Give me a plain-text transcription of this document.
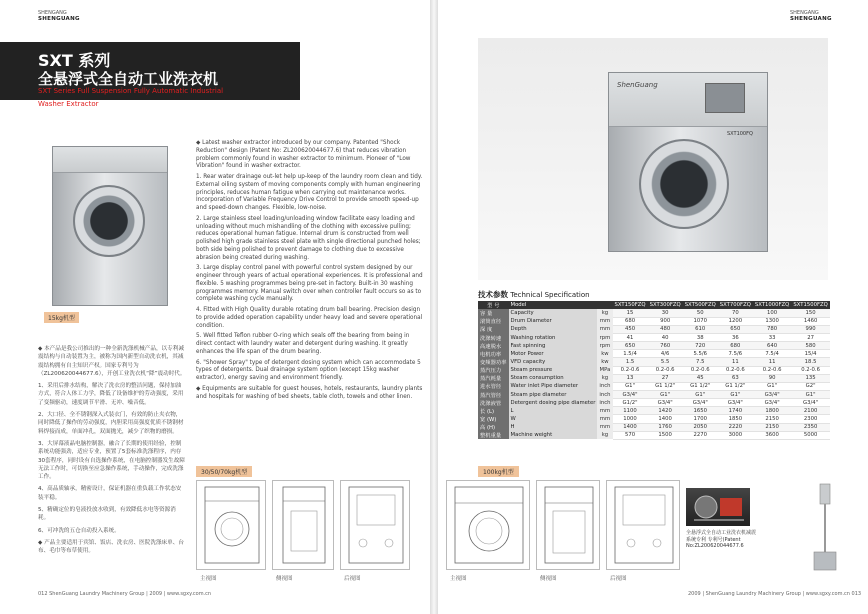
SHENGANG
SHENGUANG
SXT 系列
全悬浮式全自动工业洗衣机
SXT Series Full Suspension Fully Automatic Industrial
Washer Extractor
15kg机型

◆ 本产品是我公司推出的一种全新洗涤机械产品，以专利减震结构与自动装置为主，被称为国内新型自动洗衣机，其减震结构拥有自主知识产权。国家专利号为（ZL200620044677.6），开创工业洗衣机“降”震动时代。

1、采用后排水结构，解决了洗衣房的整洁问题，保持加油方式，符合人体工力学，降低了设备维护的劳动强度，采用了变频驱动，速度调节平滑、无冲、噪音低。

2、大口径、全不锈钢深入式装衣门，有效的防止夹衣物，同时降低了操作的劳动强度，内胆采用高强度优质不锈钢材料焊接而成，单面冲孔，双面抛光，减少了织物的磨损。

3、大屏幕液晶电脑控制器，融合了长期的使用经验，控制系统功能强劲，适应专业，预置了5套标准洗涤程序，内存30套程序，同时设有自选操作系统，在电脑控制器发生故障无法工作时，可切换至应急操作系统，手动操作，完成洗涤工作。

4、高品质轴承，精密设计，保证机器在重负载工作状态安装平稳。

5、精确定位的皂液投放水收到，有效降低水电等资源消耗。

6、可冲洗的五仓自动投入系统。

◆ 产品主要适用于宾馆、饭店、洗衣房、医院洗涤床单、台布、毛巾等布草使用。

◆ Latest washer extractor introduced by our company. Patented "Shock Reduction" design (Patent No: ZL200620044677.6) that reduces vibration problem commonly found in washer extractor to minimum. Pioneer of "Low Vibration" found in washer extractor.

1. Rear water drainage out-let help up-keep of the laundry room clean and tidy. External oiling system of moving components comply with human engineering principles, reduces human fatigue when carrying out maintenance works. Incorporation of Variable Frequency Drive Control to provide smooth speed-up and speed-down changes. Flexible, low-noise.

2. Large stainless steel loading/unloading window facilitate easy loading and unloading without much mishandling of the clothing with excessive pulling; reduces operational human fatigue. Internal drum is constructed from well polished high grade stainless steel plate with single directional punched holes; both side being polished to prevent damage to clothing due to excessive abrasion being created during washing.

3. Large display control panel with powerful control system designed by our engineer through years of actual operational experiences. It is professional and flexible. 5 washing programmes being pre-set in factory. Built-in 30 washing programmes memory. Manual switch over when controller fault occurs so as to complete washing cycle manually.

4. Fitted with High Quality durable rotating drum ball bearing. Precision design to provide added operation capability under heavy load and severe operational condition.

5. Well fitted Teflon rubber O-ring which seals off the bearing from being in direct contact with laundry water and detergent during washing. It greatly enhances the life span of the drum bearing.

6. "Shower Spray" type of detergent dosing system which can accommodate 5 types of detergents. Dual drainage system option (except 15kg washer extractor), energy saving and environment friendly.

◆ Equipments are suitable for guest houses, hotels, restaurants, laundry plants and hospitals for washing of bed sheets, table cloth, towels and other linen.

30/50/70kg机型
主视图	侧视图	后视图
012 ShenGuang Laundry Machinery Group | 2009 | www.sgxy.com.cn
SHENGANG
SHENGUANG
ShenGuang
SXT100FQ
技术参数 Technical Specification
型 号	Model		SXT150FZQ	SXT300FZQ	SXT500FZQ	SXT700FZQ	SXT1000FZQ	SXT1500FZQ
容 量	Capacity	kg	15	30	50	70	100	150
滚筒直径	Drum Diameter	mm	680	900	1070	1200	1300	1460
深 度	Depth	mm	450	480	610	650	780	990
洗涤转速	Washing rotation	rpm	41	40	38	36	33	27
高速脱水	Fast spinning	rpm	650	760	720	680	640	580
电机功率	Motor Power	kw	1.5/4	4/6	5.5/6	7.5/6	7.5/4	15/4
变频器功率	VFD capacity	kw	1.5	5.5	7.5	11	11	18.5
蒸汽压力	Steam pressure	MPa	0.2-0.6	0.2-0.6	0.2-0.6	0.2-0.6	0.2-0.6	0.2-0.6
蒸汽耗量	Steam consumption	kg	13	27	45	63	90	135
进水管径	Water inlet Pipe diameter	inch	G1"	G1 1/2"	G1 1/2"	G1 1/2"	G1"	G2"
蒸汽管径	Steam pipe diameter	inch	G3/4"	G1"	G1"	G1"	G3/4"	G1"
洗涤液管	Detergent dosing pipe diameter	inch	G1/2"	G3/4"	G3/4"	G3/4"	G3/4"	G3/4"
长 (L)	L	mm	1100	1420	1650	1740	1800	2100
宽 (W)	W	mm	1000	1400	1700	1850	2150	2300
高 (H)	H	mm	1400	1760	2050	2220	2150	2350
整机重量	Machine weight	kg	570	1500	2270	3000	3600	5000
100kg机型
主视图	侧视图	后视图
全悬浮式全自动工业洗衣机减震系统专利 专利号(Patent No:ZL200620044677.6
2009 | ShenGuang Laundry Machinery Group | www.sgxy.com.cn 013
